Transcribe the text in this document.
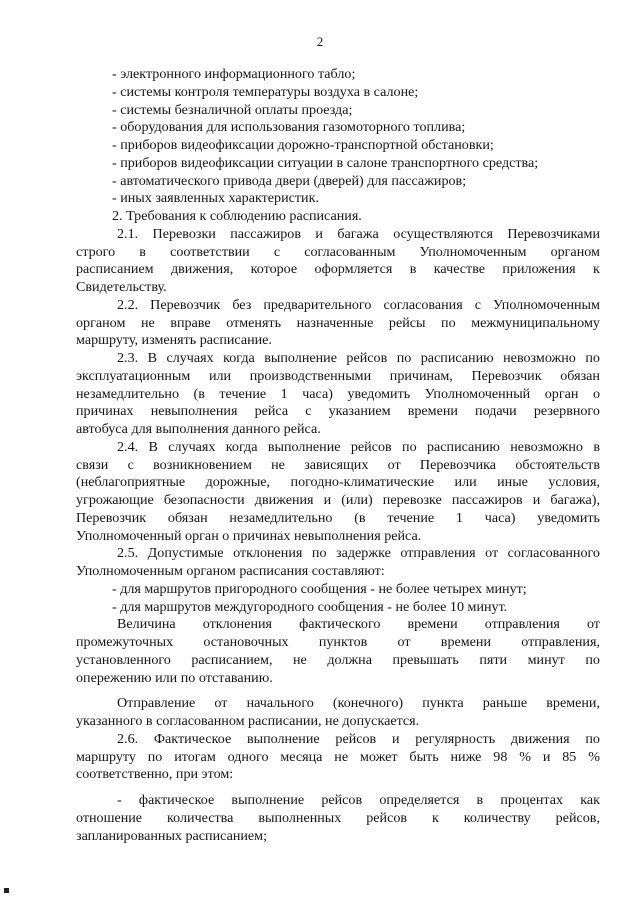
2
- электронного информационного табло;
- системы контроля температуры воздуха в салоне;
- системы безналичной оплаты проезда;
- оборудования для использования газомоторного топлива;
- приборов видеофиксации дорожно-транспортной обстановки;
- приборов видеофиксации ситуации в салоне транспортного средства;
- автоматического привода двери (дверей) для пассажиров;
- иных заявленных характеристик.
2. Требования к соблюдению расписания.
2.1. Перевозки пассажиров и багажа осуществляются Перевозчиками
строго в соответствии с согласованным Уполномоченным органом
расписанием движения, которое оформляется в качестве приложения к
Свидетельству.
2.2. Перевозчик без предварительного согласования с Уполномоченным
органом не вправе отменять назначенные рейсы по межмуниципальному
маршруту, изменять расписание.
2.3. В случаях когда выполнение рейсов по расписанию невозможно по
эксплуатационным или производственными причинам, Перевозчик обязан
незамедлительно (в течение 1 часа) уведомить Уполномоченный орган о
причинах невыполнения рейса с указанием времени подачи резервного
автобуса для выполнения данного рейса.
2.4. В случаях когда выполнение рейсов по расписанию невозможно в
связи с возникновением не зависящих от Перевозчика обстоятельств
(неблагоприятные дорожные, погодно-климатические или иные условия,
угрожающие безопасности движения и (или) перевозке пассажиров и багажа),
Перевозчик обязан незамедлительно (в течение 1 часа) уведомить
Уполномоченный орган о причинах невыполнения рейса.
2.5. Допустимые отклонения по задержке отправления от согласованного
Уполномоченным органом расписания составляют:
- для маршрутов пригородного сообщения - не более четырех минут;
- для маршрутов междугородного сообщения - не более 10 минут.
Величина отклонения фактического времени отправления от
промежуточных остановочных пунктов от времени отправления,
установленного расписанием, не должна превышать пяти минут по
опережению или по отставанию.
Отправление от начального (конечного) пункта раньше времени,
указанного в согласованном расписании, не допускается.
2.6. Фактическое выполнение рейсов и регулярность движения по
маршруту по итогам одного месяца не может быть ниже 98 % и 85 %
соответственно, при этом:
- фактическое выполнение рейсов определяется в процентах как
отношение количества выполненных рейсов к количеству рейсов,
запланированных расписанием;
